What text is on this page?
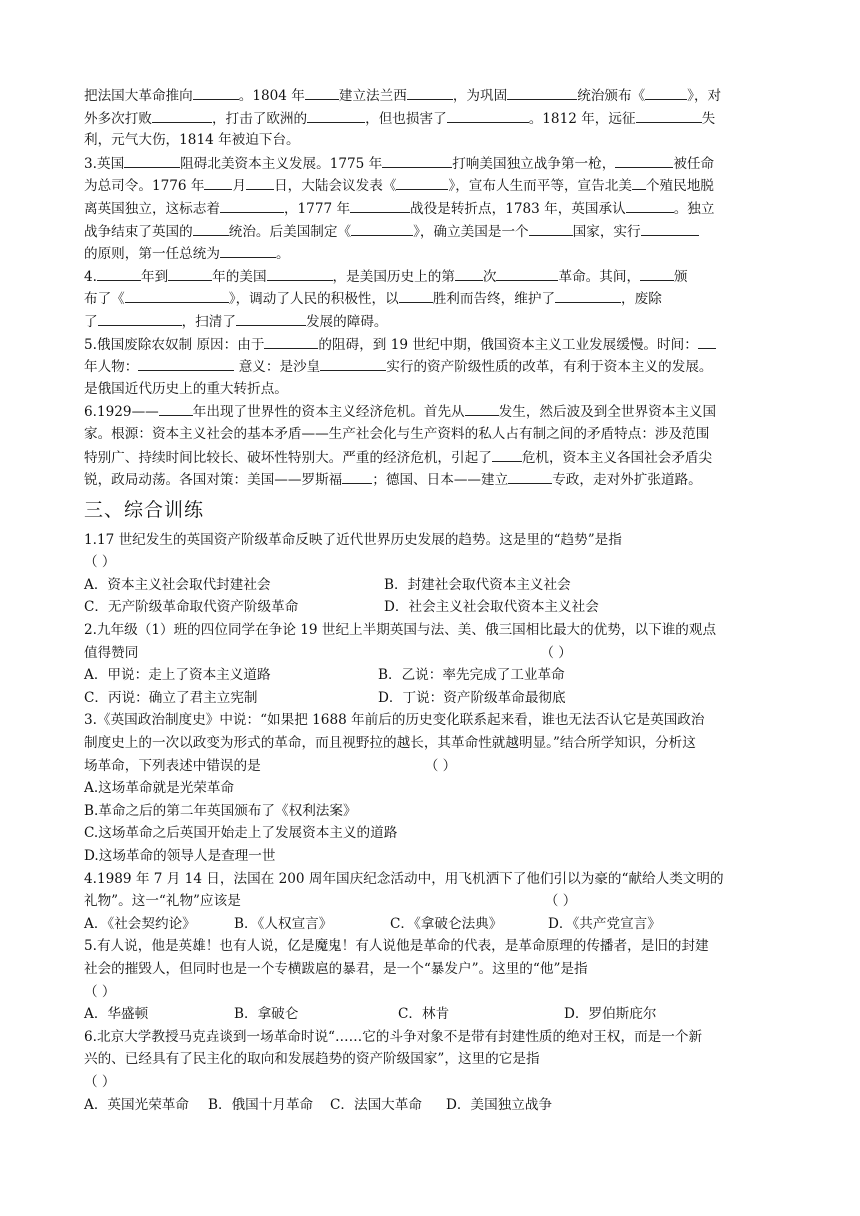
把法国大革命推向	。1804 年	建立法兰西	，为巩固	统治颁布《	》，对
外多次打败	，打击了欧洲的	，但也损害了	。1812 年，远征	失
利，元气大伤，1814 年被迫下台。
3.英国	阻碍北美资本主义发展。1775 年	打响美国独立战争第一枪，	被任命
为总司令。1776 年 月 日，大陆会议发表《	》，宣布人生而平等，宣告北美 个殖民地脱
离英国独立，这标志着	，1777 年	战役是转折点，1783 年，英国承认	。独立
战争结束了英国的	统治。后美国制定《	》，确立美国是一个	国家，实行
的原则，第一任总统为	。
4.	年到	年的美国	，是美国历史上的第 次	革命。其间，	颁
布了《	》，调动了人民的积极性，以	胜利而告终，维护了	，废除
了	，扫清了	发展的障碍。
5.俄国废除农奴制 原因：由于	的阻碍，到 19 世纪中期，俄国资本主义工业发展缓慢。时间：
年人物：	意义：是沙皇	实行的资产阶级性质的改革，有利于资本主义的发展。
是俄国近代历史上的重大转折点。
6.1929——	年出现了世界性的资本主义经济危机。首先从	发生，然后波及到全世界资本主义国
家。根源：资本主义社会的基本矛盾——生产社会化与生产资料的私人占有制之间的矛盾特点：涉及范围
特别广、持续时间比较长、破坏性特别大。严重的经济危机，引起了 危机，资本主义各国社会矛盾尖
锐，政局动荡。各国对策：美国——罗斯福 ；德国、日本——建立	专政，走对外扩张道路。
三、综合训练
1.17 世纪发生的英国资产阶级革命反映了近代世界历史发展的趋势。这是里的“趋势”是指
（ ）
A．资本主义社会取代封建社会	B．封建社会取代资本主义社会
C．无产阶级革命取代资产阶级革命	D．社会主义社会取代资本主义社会
2.九年级（1）班的四位同学在争论 19 世纪上半期英国与法、美、俄三国相比最大的优势，以下谁的观点
值得赞同	（ ）
A．甲说：走上了资本主义道路	B．乙说：率先完成了工业革命
C．丙说：确立了君主立宪制	D．丁说：资产阶级革命最彻底
3.《英国政治制度史》中说：“如果把 1688 年前后的历史变化联系起来看，谁也无法否认它是英国政治
制度史上的一次以政变为形式的革命，而且视野拉的越长，其革命性就越明显。”结合所学知识，分析这
场革命，下列表述中错误的是	（ ）
A.这场革命就是光荣革命
B.革命之后的第二年英国颁布了《权利法案》
C.这场革命之后英国开始走上了发展资本主义的道路
D.这场革命的领导人是查理一世
4.1989 年 7 月 14 日，法国在 200 周年国庆纪念活动中，用飞机洒下了他们引以为豪的“献给人类文明的
礼物”。这一“礼物”应该是	（ ）
A．《社会契约论》	B．《人权宣言》	C．《拿破仑法典》	D．《共产党宣言》
5.有人说，他是英雄！也有人说，亿是魔鬼！有人说他是革命的代表，是革命原理的传播者，是旧的封建
社会的摧毁人，但同时也是一个专横跋扈的暴君，是一个“暴发户”。这里的“他”是指
（ ）
A．华盛顿	B．拿破仑	C．林肯	D．罗伯斯庇尔
6.北京大学教授马克垚谈到一场革命时说“……它的斗争对象不是带有封建性质的绝对王权，而是一个新
兴的、已经具有了民主化的取向和发展趋势的资产阶级国家”，这里的它是指
（ ）
A．英国光荣革命	B．俄国十月革命	C．法国大革命	D．美国独立战争
